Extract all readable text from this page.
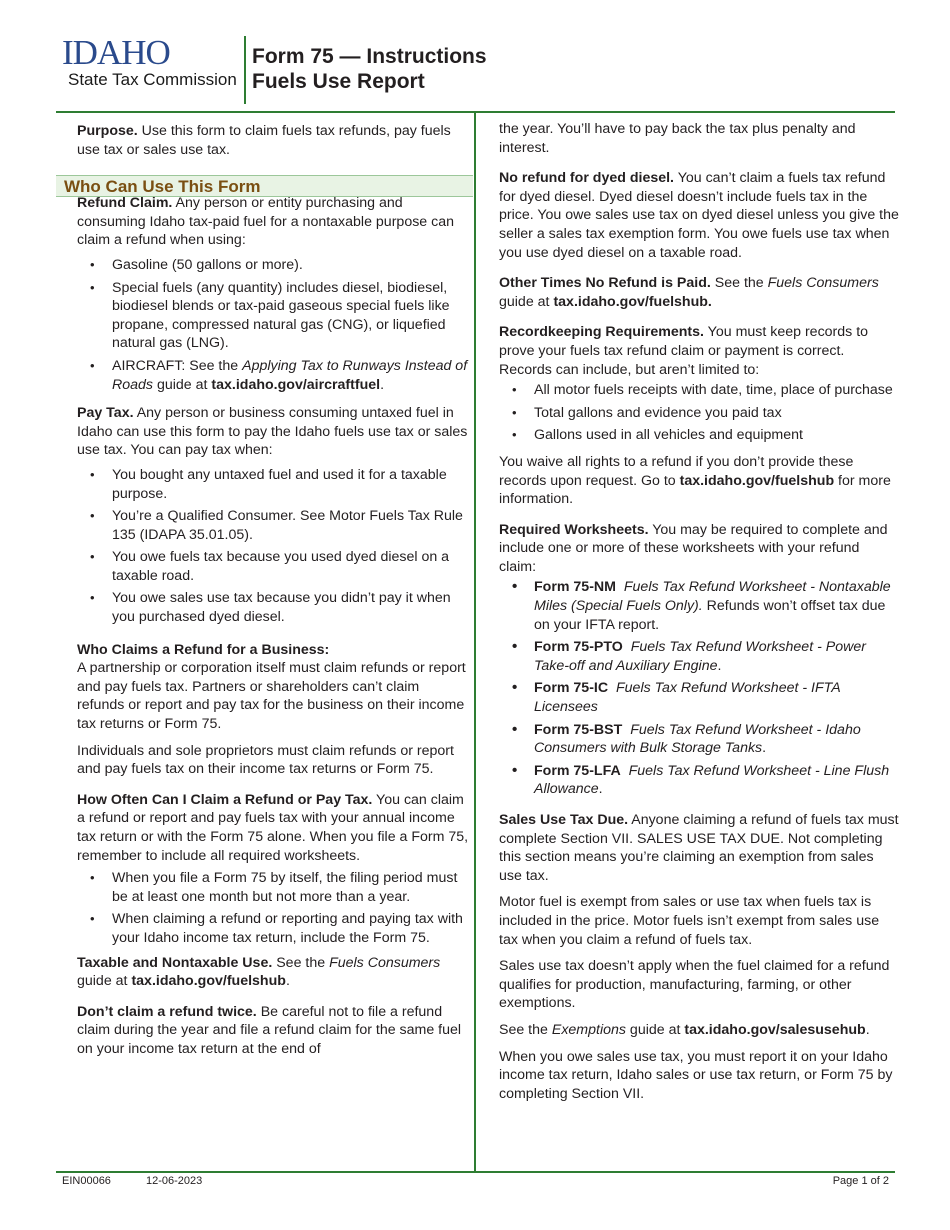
IDAHO
State Tax Commission
Form 75 — Instructions
Fuels Use Report
Who Can Use This Form

Purpose. Use this form to claim fuels tax refunds, pay fuels use tax or sales use tax.

Refund Claim. Any person or entity purchasing and consuming Idaho tax-paid fuel for a nontaxable purpose can claim a refund when using:

• Gasoline (50 gallons or more).
• Special fuels (any quantity) includes diesel, biodiesel, biodiesel blends or tax-paid gaseous special fuels like propane, compressed natural gas (CNG), or liquefied natural gas (LNG).
• AIRCRAFT: See the Applying Tax to Runways Instead of Roads guide at tax.idaho.gov/aircraftfuel.

Pay Tax. Any person or business consuming untaxed fuel in Idaho can use this form to pay the Idaho fuels use tax or sales use tax. You can pay tax when:

• You bought any untaxed fuel and used it for a taxable purpose.
• You’re a Qualified Consumer. See Motor Fuels Tax Rule 135 (IDAPA 35.01.05).
• You owe fuels tax because you used dyed diesel on a taxable road.
• You owe sales use tax because you didn’t pay it when you purchased dyed diesel.

Who Claims a Refund for a Business:
A partnership or corporation itself must claim refunds or report and pay fuels tax. Partners or shareholders can’t claim refunds or report and pay tax for the business on their income tax returns or Form 75.

Individuals and sole proprietors must claim refunds or report and pay fuels tax on their income tax returns or Form 75.

How Often Can I Claim a Refund or Pay Tax. You can claim a refund or report and pay fuels tax with your annual income tax return or with the Form 75 alone. When you file a Form 75, remember to include all required worksheets.

• When you file a Form 75 by itself, the filing period must be at least one month but not more than a year.
• When claiming a refund or reporting and paying tax with your Idaho income tax return, include the Form 75.

Taxable and Nontaxable Use. See the Fuels Consumers guide at tax.idaho.gov/fuelshub.

Don’t claim a refund twice. Be careful not to file a refund claim during the year and file a refund claim for the same fuel on your income tax return at the end of

the year. You’ll have to pay back the tax plus penalty and interest.

No refund for dyed diesel. You can’t claim a fuels tax refund for dyed diesel. Dyed diesel doesn’t include fuels tax in the price. You owe sales use tax on dyed diesel unless you give the seller a sales tax exemption form. You owe fuels use tax when you use dyed diesel on a taxable road.

Other Times No Refund is Paid. See the Fuels Consumers guide at tax.idaho.gov/fuelshub.

Recordkeeping Requirements. You must keep records to prove your fuels tax refund claim or payment is correct. Records can include, but aren’t limited to:

• All motor fuels receipts with date, time, place of purchase
• Total gallons and evidence you paid tax
• Gallons used in all vehicles and equipment

You waive all rights to a refund if you don’t provide these records upon request. Go to tax.idaho.gov/fuelshub for more information.

Required Worksheets. You may be required to complete and include one or more of these worksheets with your refund claim:

• Form 75-NM Fuels Tax Refund Worksheet - Nontaxable Miles (Special Fuels Only). Refunds won’t offset tax due on your IFTA report.
• Form 75-PTO Fuels Tax Refund Worksheet - Power Take-off and Auxiliary Engine.
• Form 75-IC Fuels Tax Refund Worksheet - IFTA Licensees
• Form 75-BST Fuels Tax Refund Worksheet - Idaho Consumers with Bulk Storage Tanks.
• Form 75-LFA Fuels Tax Refund Worksheet - Line Flush Allowance.

Sales Use Tax Due. Anyone claiming a refund of fuels tax must complete Section VII. SALES USE TAX DUE. Not completing this section means you’re claiming an exemption from sales use tax.

Motor fuel is exempt from sales or use tax when fuels tax is included in the price. Motor fuels isn’t exempt from sales use tax when you claim a refund of fuels tax.

Sales use tax doesn’t apply when the fuel claimed for a refund qualifies for production, manufacturing, farming, or other exemptions.

See the Exemptions guide at tax.idaho.gov/salesusehub.

When you owe sales use tax, you must report it on your Idaho income tax return, Idaho sales or use tax return, or Form 75 by completing Section VII.

EIN00066	12-06-2023	Page 1 of 2
